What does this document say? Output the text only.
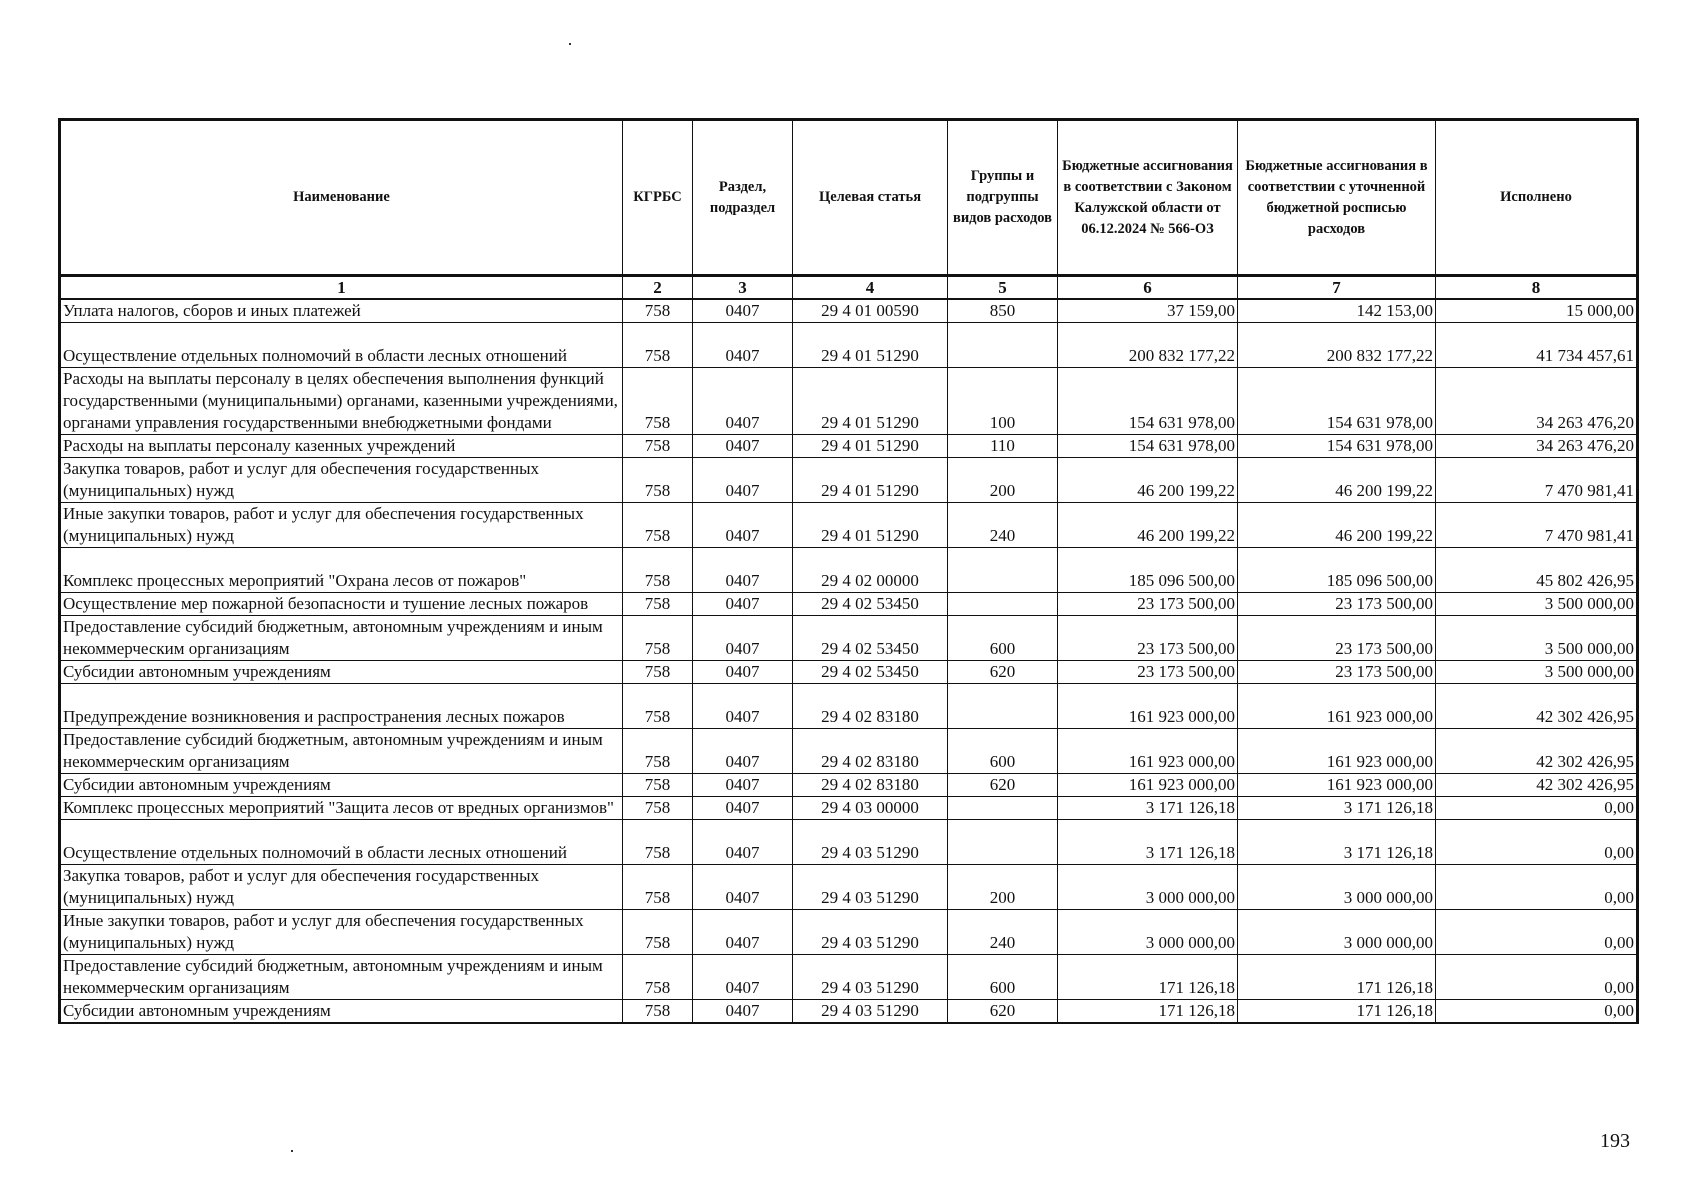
Наименование	КГРБС	Раздел, подраздел	Целевая статья	Группы и подгруппы видов расходов	Бюджетные ассигнования в соответствии с Законом Калужской области от 06.12.2024 № 566-ОЗ	Бюджетные ассигнования в соответствии с уточненной бюджетной росписью расходов	Исполнено
1	2	3	4	5	6	7	8
Уплата налогов, сборов и иных платежей	758	0407	29 4 01 00590	850	37 159,00	142 153,00	15 000,00
Осуществление отдельных полномочий в области лесных отношений	758	0407	29 4 01 51290		200 832 177,22	200 832 177,22	41 734 457,61
Расходы на выплаты персоналу в целях обеспечения выполнения функций государственными (муниципальными) органами, казенными учреждениями, органами управления государственными внебюджетными фондами	758	0407	29 4 01 51290	100	154 631 978,00	154 631 978,00	34 263 476,20
Расходы на выплаты персоналу казенных учреждений	758	0407	29 4 01 51290	110	154 631 978,00	154 631 978,00	34 263 476,20
Закупка товаров, работ и услуг для обеспечения государственных (муниципальных) нужд	758	0407	29 4 01 51290	200	46 200 199,22	46 200 199,22	7 470 981,41
Иные закупки товаров, работ и услуг для обеспечения государственных (муниципальных) нужд	758	0407	29 4 01 51290	240	46 200 199,22	46 200 199,22	7 470 981,41
Комплекс процессных мероприятий "Охрана лесов от пожаров"	758	0407	29 4 02 00000		185 096 500,00	185 096 500,00	45 802 426,95
Осуществление мер пожарной безопасности и тушение лесных пожаров	758	0407	29 4 02 53450		23 173 500,00	23 173 500,00	3 500 000,00
Предоставление субсидий бюджетным, автономным учреждениям и иным некоммерческим организациям	758	0407	29 4 02 53450	600	23 173 500,00	23 173 500,00	3 500 000,00
Субсидии автономным учреждениям	758	0407	29 4 02 53450	620	23 173 500,00	23 173 500,00	3 500 000,00
Предупреждение возникновения и распространения лесных пожаров	758	0407	29 4 02 83180		161 923 000,00	161 923 000,00	42 302 426,95
Предоставление субсидий бюджетным, автономным учреждениям и иным некоммерческим организациям	758	0407	29 4 02 83180	600	161 923 000,00	161 923 000,00	42 302 426,95
Субсидии автономным учреждениям	758	0407	29 4 02 83180	620	161 923 000,00	161 923 000,00	42 302 426,95
Комплекс процессных мероприятий "Защита лесов от вредных организмов"	758	0407	29 4 03 00000		3 171 126,18	3 171 126,18	0,00
Осуществление отдельных полномочий в области лесных отношений	758	0407	29 4 03 51290		3 171 126,18	3 171 126,18	0,00
Закупка товаров, работ и услуг для обеспечения государственных (муниципальных) нужд	758	0407	29 4 03 51290	200	3 000 000,00	3 000 000,00	0,00
Иные закупки товаров, работ и услуг для обеспечения государственных (муниципальных) нужд	758	0407	29 4 03 51290	240	3 000 000,00	3 000 000,00	0,00
Предоставление субсидий бюджетным, автономным учреждениям и иным некоммерческим организациям	758	0407	29 4 03 51290	600	171 126,18	171 126,18	0,00
Субсидии автономным учреждениям	758	0407	29 4 03 51290	620	171 126,18	171 126,18	0,00
193
